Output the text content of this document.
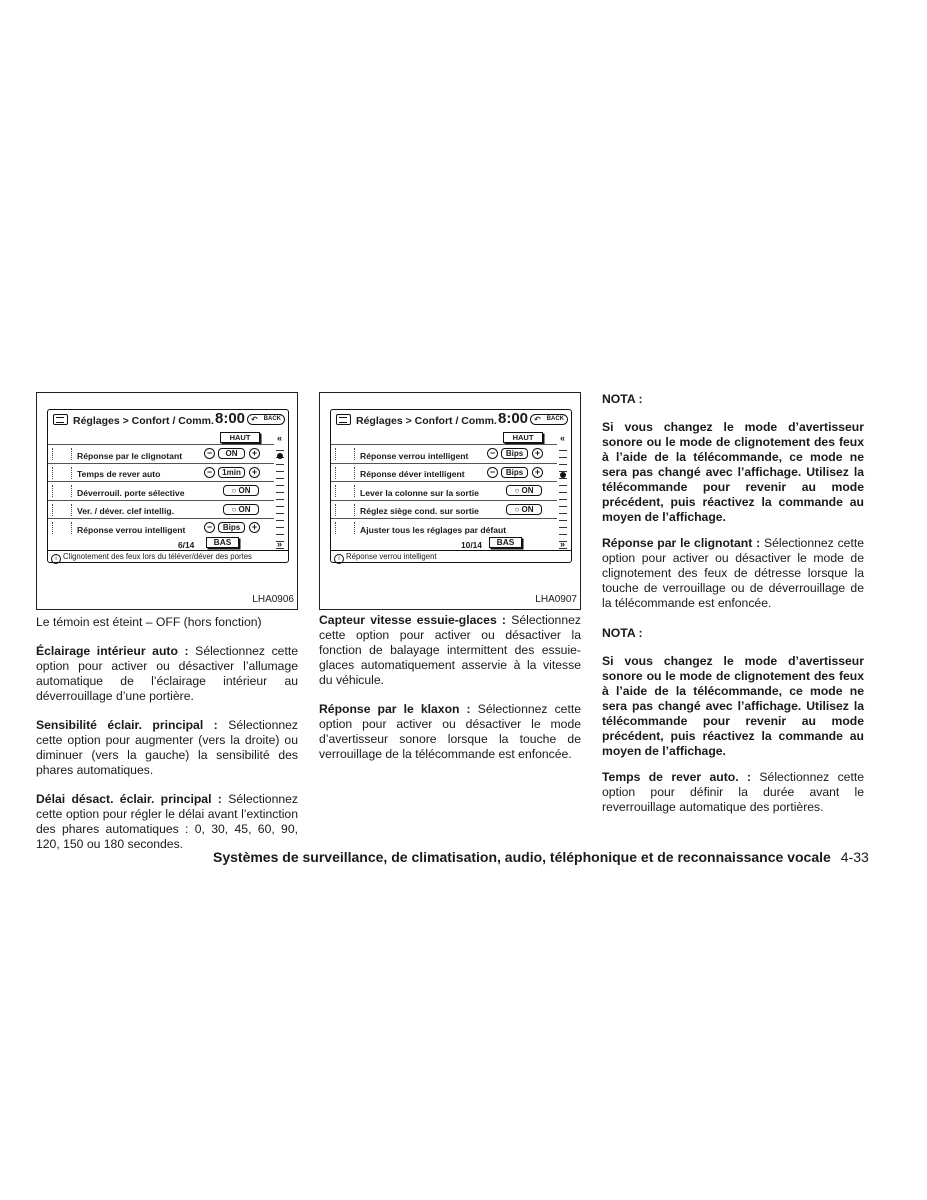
Réglages > Confort / Comm. 8:00 ↶ BACK
HAUT	«
Réponse par le clignotant	−	ON	+
Temps de rever auto	−	1min	+
Déverrouil. porte sélective	○ ON
Ver. / déver. clef intellig.	○ ON
Réponse verrou intelligent	−	Bips	+
6/14	BAS	»
i Clignotement des feux lors du téléver/déver des portes
LHA0906
Le témoin est éteint – OFF (hors fonction)

Éclairage intérieur auto : Sélectionnez cette option pour activer ou désactiver l’allumage automatique de l’éclairage intérieur au déverrouillage d’une portière.

Sensibilité éclair. principal : Sélectionnez cette option pour augmenter (vers la droite) ou diminuer (vers la gauche) la sensibilité des phares automatiques.

Délai désact. éclair. principal : Sélectionnez cette option pour régler le délai avant l’extinction des phares automatiques : 0, 30, 45, 60, 90, 120, 150 ou 180 secondes.

Réglages > Confort / Comm. 8:00 ↶ BACK
HAUT	«
Réponse verrou intelligent	−	Bips	+
Réponse déver intelligent	−	Bips	+
Lever la colonne sur la sortie	○ ON
Réglez siège cond. sur sortie	○ ON
Ajuster tous les réglages par défaut
10/14	BAS	»
i Réponse verrou intelligent
LHA0907

Capteur vitesse essuie-glaces : Sélectionnez cette option pour activer ou désactiver la fonction de balayage intermittent des essuie-glaces automatiquement asservie à la vitesse du véhicule.

Réponse par le klaxon : Sélectionnez cette option pour activer ou désactiver le mode d’avertisseur sonore lorsque la touche de verrouillage de la télécommande est enfoncée.

NOTA :
Si vous changez le mode d’avertisseur sonore ou le mode de clignotement des feux à l’aide de la télécommande, ce mode ne sera pas changé avec l’affichage. Utilisez la télécommande pour revenir au mode précédent, puis réactivez la commande au moyen de l’affichage.

Réponse par le clignotant : Sélectionnez cette option pour activer ou désactiver le mode de clignotement des feux de détresse lorsque la touche de verrouillage ou de déverrouillage de la télécommande est enfoncée.

NOTA :
Si vous changez le mode d’avertisseur sonore ou le mode de clignotement des feux à l’aide de la télécommande, ce mode ne sera pas changé avec l’affichage. Utilisez la télécommande pour revenir au mode précédent, puis réactivez la commande au moyen de l’affichage.

Temps de rever auto. : Sélectionnez cette option pour définir la durée avant le reverrouillage automatique des portières.

Systèmes de surveillance, de climatisation, audio, téléphonique et de reconnaissance vocale 4-33
